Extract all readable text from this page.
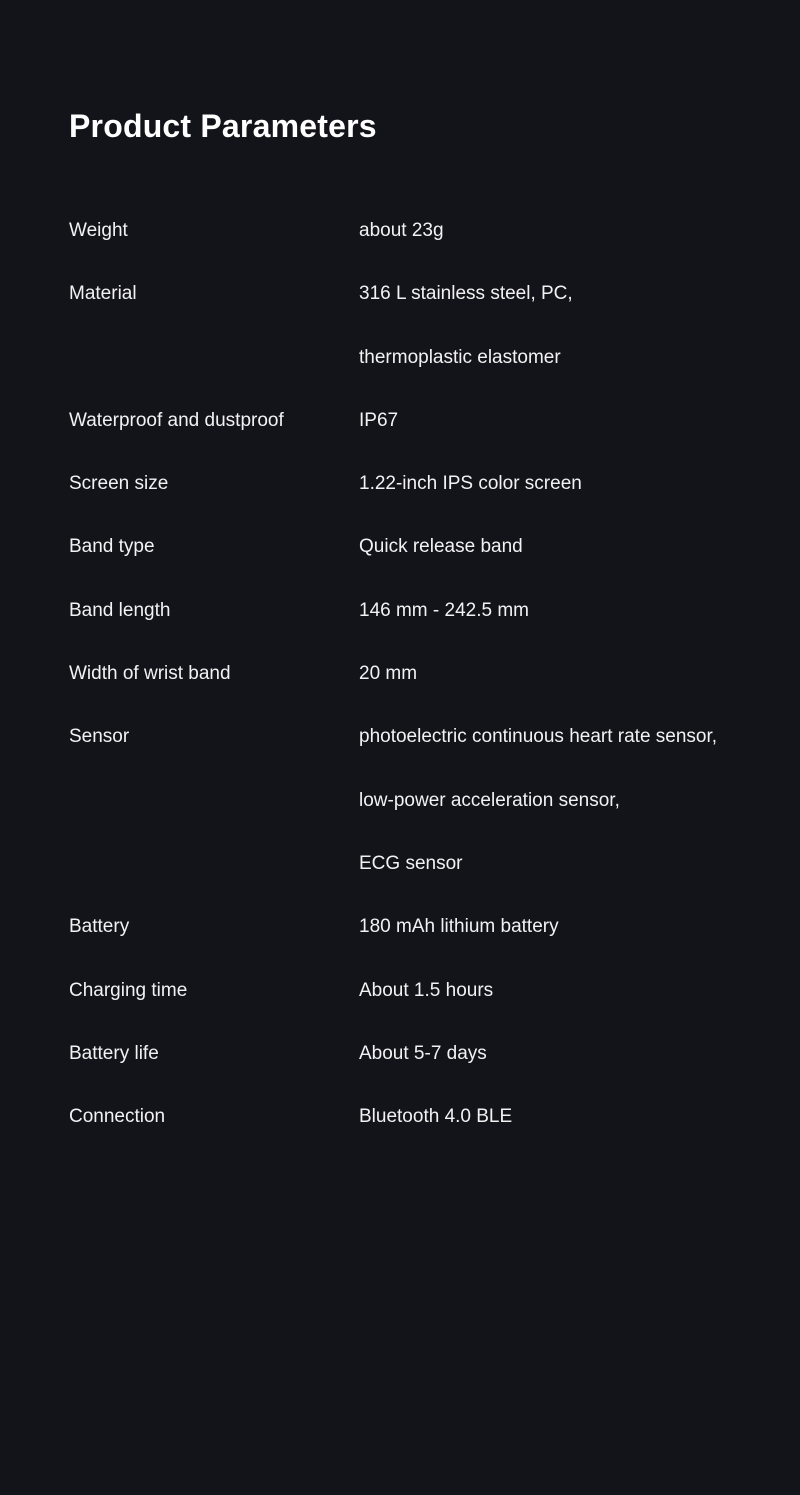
Product Parameters
Weight	about 23g
Material	316 L stainless steel, PC,
thermoplastic elastomer
Waterproof and dustproof	IP67
Screen size	1.22-inch IPS color screen
Band type	Quick release band
Band length	146 mm - 242.5 mm
Width of wrist band	20 mm
Sensor	photoelectric continuous heart rate sensor,
low-power acceleration sensor,
ECG sensor
Battery	180 mAh lithium battery
Charging time	About 1.5 hours
Battery life	About 5-7 days
Connection	Bluetooth 4.0 BLE
